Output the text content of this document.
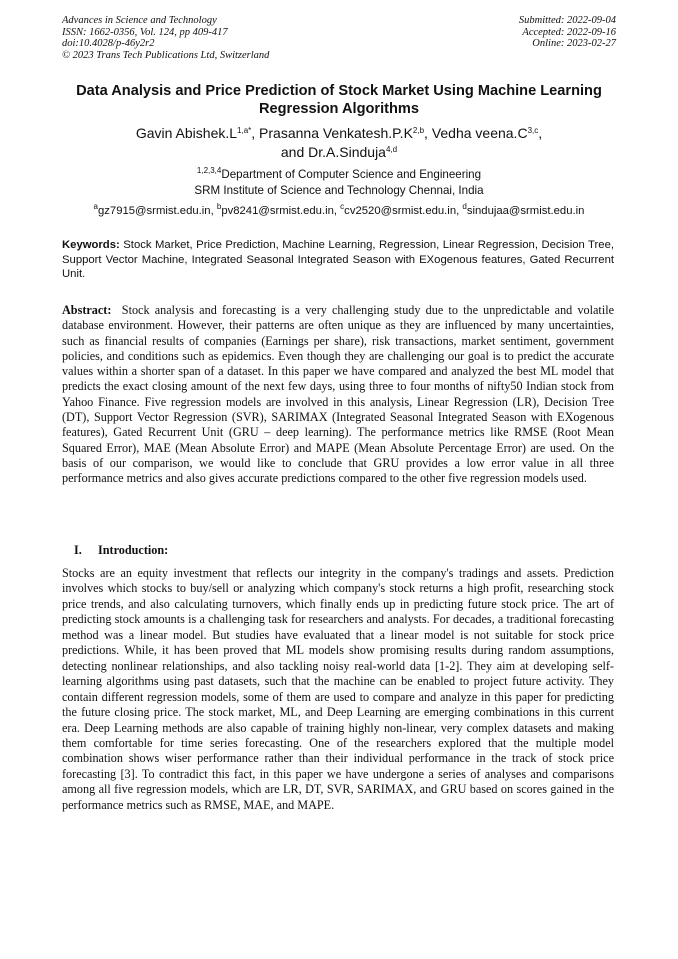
Advances in Science and Technology
ISSN: 1662-0356, Vol. 124, pp 409-417
doi:10.4028/p-46y2r2
© 2023 Trans Tech Publications Ltd, Switzerland
Submitted: 2022-09-04
Accepted: 2022-09-16
Online: 2023-02-27
Data Analysis and Price Prediction of Stock Market Using Machine Learning Regression Algorithms
Gavin $Abishek.L^{1,a*}$, Prasanna $Venkatesh.P.K^{2,b}$, Vedha $veena.C^{3,c}$,
and Dr.A.Sinduja$^{4,d}$
$^{1,2,3,4}$Department of Computer Science and Engineering
SRM Institute of Science and Technology Chennai, India
$^a$gz7915@srmist.edu.in, $^b$pv8241@srmist.edu.in, $^c$cv2520@srmist.edu.in, $^d$sindujaa@srmist.edu.in

Keywords: Stock Market, Price Prediction, Machine Learning, Regression, Linear Regression, Decision Tree, Support Vector Machine, Integrated Seasonal Integrated Season with EXogenous features, Gated Recurrent Unit.

Abstract: Stock analysis and forecasting is a very challenging study due to the unpredictable and volatile database environment. However, their patterns are often unique as they are influenced by many uncertainties, such as financial results of companies (Earnings per share), risk transactions, market sentiment, government policies, and conditions such as epidemics. Even though they are challenging our goal is to predict the accurate values within a shorter span of a dataset. In this paper we have compared and analyzed the best ML model that predicts the exact closing amount of the next few days, using three to four months of nifty50 Indian stock from Yahoo Finance. Five regression models are involved in this analysis, Linear Regression (LR), Decision Tree (DT), Support Vector Regression (SVR), SARIMAX (Integrated Seasonal Integrated Season with EXogenous features), Gated Recurrent Unit (GRU – deep learning). The performance metrics like RMSE (Root Mean Squared Error), MAE (Mean Absolute Error) and MAPE (Mean Absolute Percentage Error) are used. On the basis of our comparison, we would like to conclude that GRU provides a low error value in all three performance metrics and also gives accurate predictions compared to the other five regression models used.

I. Introduction:

Stocks are an equity investment that reflects our integrity in the company's tradings and assets. Prediction involves which stocks to buy/sell or analyzing which company's stock returns a high profit, researching stock price trends, and also calculating turnovers, which finally ends up in predicting future stock price. The art of predicting stock amounts is a challenging task for researchers and analysts. For decades, a traditional forecasting method was a linear model. But studies have evaluated that a linear model is not suitable for stock price predictions. While, it has been proved that ML models show promising results during random assumptions, detecting nonlinear relationships, and also tackling noisy real-world data [1-2]. They aim at developing self-learning algorithms using past datasets, such that the machine can be enabled to project future activity. They contain different regression models, some of them are used to compare and analyze in this paper for predicting the future closing price. The stock market, ML, and Deep Learning are emerging combinations in this current era. Deep Learning methods are also capable of training highly non-linear, very complex datasets and making them comfortable for time series forecasting. One of the researchers explored that the multiple model combination shows wiser performance rather than their individual performance in the track of stock price forecasting [3]. To contradict this fact, in this paper we have undergone a series of analyses and comparisons among all five regression models, which are LR, DT, SVR, SARIMAX, and GRU based on scores gained in the performance metrics such as RMSE, MAE, and MAPE.
